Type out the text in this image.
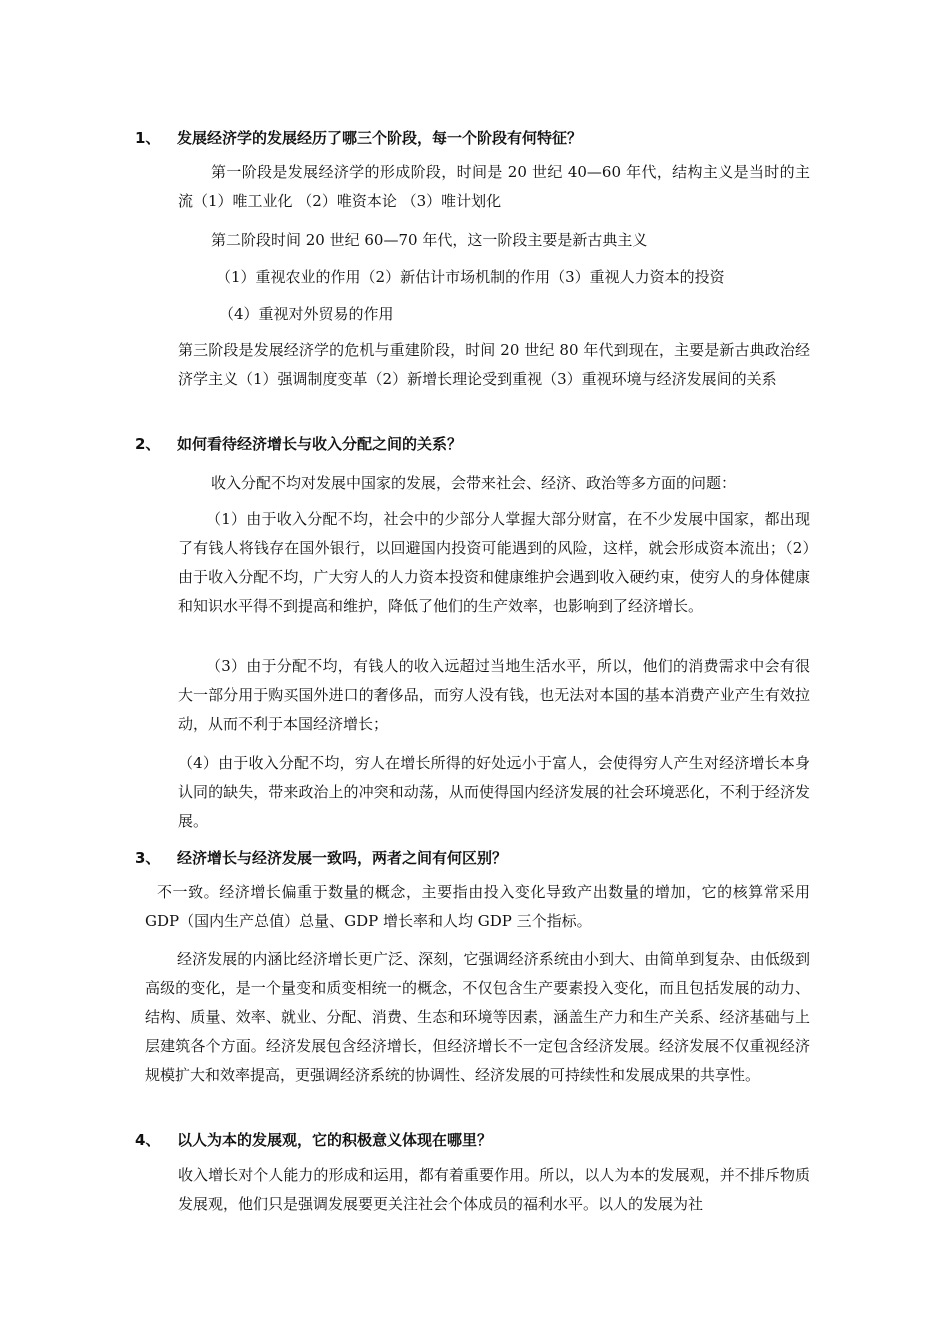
1、 发展经济学的发展经历了哪三个阶段，每一个阶段有何特征？
第一阶段是发展经济学的形成阶段，时间是 20 世纪 40—60 年代，结构主义是当时的主流（1）唯工业化 （2）唯资本论 （3）唯计划化
第二阶段时间 20 世纪 60—70 年代，这一阶段主要是新古典主义
（1）重视农业的作用（2）新估计市场机制的作用（3）重视人力资本的投资
（4）重视对外贸易的作用
第三阶段是发展经济学的危机与重建阶段，时间 20 世纪 80 年代到现在，主要是新古典政治经济学主义（1）强调制度变革（2）新增长理论受到重视（3）重视环境与经济发展间的关系
2、 如何看待经济增长与收入分配之间的关系？
收入分配不均对发展中国家的发展，会带来社会、经济、政治等多方面的问题：
（1）由于收入分配不均，社会中的少部分人掌握大部分财富，在不少发展中国家，都出现了有钱人将钱存在国外银行，以回避国内投资可能遇到的风险，这样，就会形成资本流出；（2）由于收入分配不均，广大穷人的人力资本投资和健康维护会遇到收入硬约束，使穷人的身体健康和知识水平得不到提高和维护，降低了他们的生产效率，也影响到了经济增长。
（3）由于分配不均，有钱人的收入远超过当地生活水平，所以，他们的消费需求中会有很大一部分用于购买国外进口的奢侈品，而穷人没有钱，也无法对本国的基本消费产业产生有效拉动，从而不利于本国经济增长；
（4）由于收入分配不均，穷人在增长所得的好处远小于富人，会使得穷人产生对经济增长本身认同的缺失，带来政治上的冲突和动荡，从而使得国内经济发展的社会环境恶化，不利于经济发展。
3、 经济增长与经济发展一致吗，两者之间有何区别？
不一致。经济增长偏重于数量的概念，主要指由投入变化导致产出数量的增加，它的核算常采用 GDP（国内生产总值）总量、GDP 增长率和人均 GDP 三个指标。
经济发展的内涵比经济增长更广泛、深刻，它强调经济系统由小到大、由简单到复杂、由低级到高级的变化，是一个量变和质变相统一的概念，不仅包含生产要素投入变化，而且包括发展的动力、结构、质量、效率、就业、分配、消费、生态和环境等因素，涵盖生产力和生产关系、经济基础与上层建筑各个方面。经济发展包含经济增长，但经济增长不一定包含经济发展。经济发展不仅重视经济规模扩大和效率提高，更强调经济系统的协调性、经济发展的可持续性和发展成果的共享性。
4、 以人为本的发展观，它的积极意义体现在哪里？
收入增长对个人能力的形成和运用，都有着重要作用。所以，以人为本的发展观，并不排斥物质发展观，他们只是强调发展要更关注社会个体成员的福利水平。以人的发展为社
